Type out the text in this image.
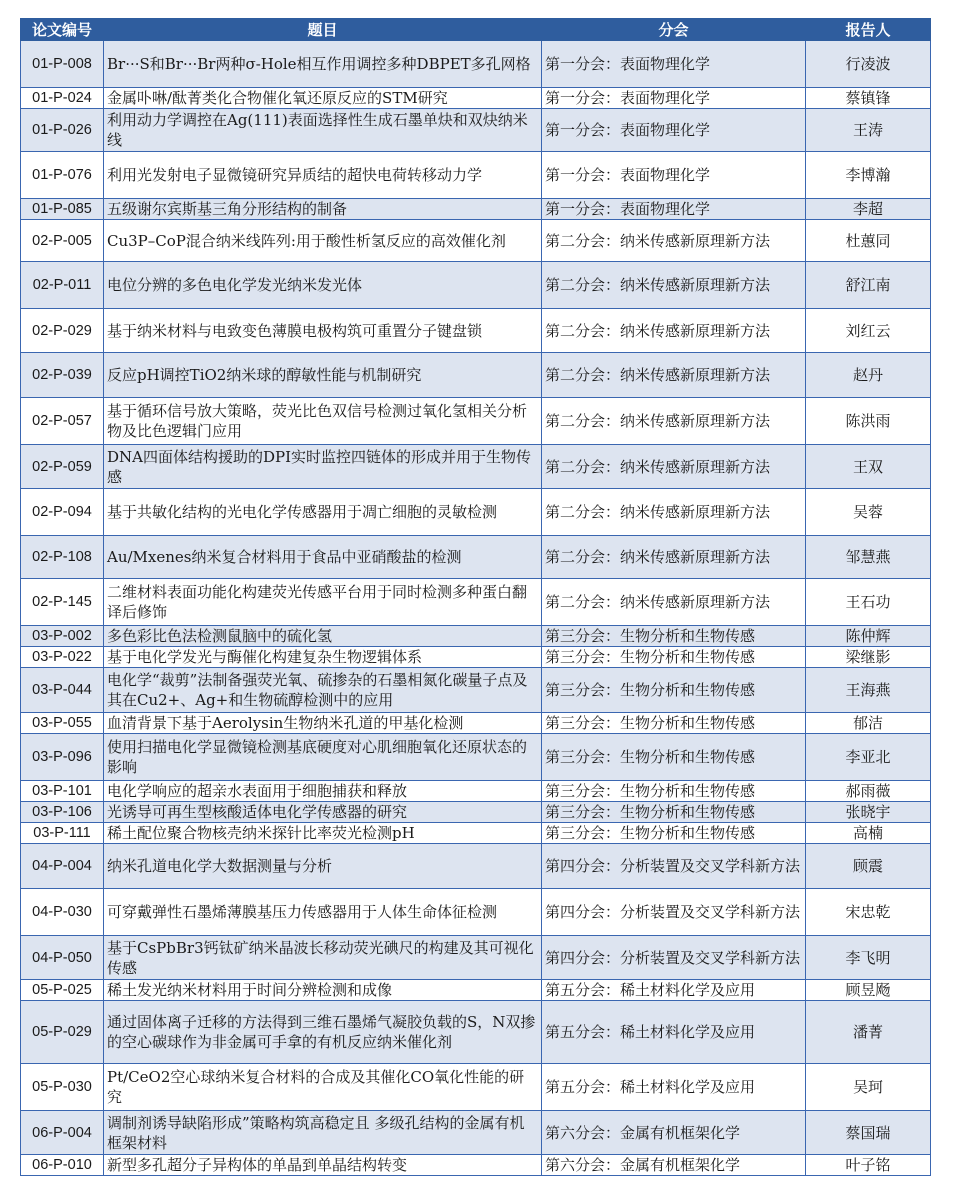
论文编号	题目	分会	报告人
01-P-008	Br···S和Br···Br两种σ-Hole相互作用调控多种DBPET多孔网格	第一分会：表面物理化学	行凌波
01-P-024	金属卟啉/酞菁类化合物催化氧还原反应的STM研究	第一分会：表面物理化学	蔡镇锋
01-P-026	利用动力学调控在Ag(111)表面选择性生成石墨单炔和双炔纳米线	第一分会：表面物理化学	王涛
01-P-076	利用光发射电子显微镜研究异质结的超快电荷转移动力学	第一分会：表面物理化学	李博瀚
01-P-085	五级谢尔宾斯基三角分形结构的制备	第一分会：表面物理化学	李超
02-P-005	Cu3P–CoP混合纳米线阵列:用于酸性析氢反应的高效催化剂	第二分会：纳米传感新原理新方法	杜蕙同
02-P-011	电位分辨的多色电化学发光纳米发光体	第二分会：纳米传感新原理新方法	舒江南
02-P-029	基于纳米材料与电致变色薄膜电极构筑可重置分子键盘锁	第二分会：纳米传感新原理新方法	刘红云
02-P-039	反应pH调控TiO2纳米球的醇敏性能与机制研究	第二分会：纳米传感新原理新方法	赵丹
02-P-057	基于循环信号放大策略，荧光比色双信号检测过氧化氢相关分析物及比色逻辑门应用	第二分会：纳米传感新原理新方法	陈洪雨
02-P-059	DNA四面体结构援助的DPI实时监控四链体的形成并用于生物传感	第二分会：纳米传感新原理新方法	王双
02-P-094	基于共敏化结构的光电化学传感器用于凋亡细胞的灵敏检测	第二分会：纳米传感新原理新方法	吴蓉
02-P-108	Au/Mxenes纳米复合材料用于食品中亚硝酸盐的检测	第二分会：纳米传感新原理新方法	邹慧燕
02-P-145	二维材料表面功能化构建荧光传感平台用于同时检测多种蛋白翻译后修饰	第二分会：纳米传感新原理新方法	王石功
03-P-002	多色彩比色法检测鼠脑中的硫化氢	第三分会：生物分析和生物传感	陈仲辉
03-P-022	基于电化学发光与酶催化构建复杂生物逻辑体系	第三分会：生物分析和生物传感	梁继影
03-P-044	电化学“裁剪”法制备强荧光氧、硫掺杂的石墨相氮化碳量子点及其在Cu2+、Ag+和生物硫醇检测中的应用	第三分会：生物分析和生物传感	王海燕
03-P-055	血清背景下基于Aerolysin生物纳米孔道的甲基化检测	第三分会：生物分析和生物传感	郁洁
03-P-096	使用扫描电化学显微镜检测基底硬度对心肌细胞氧化还原状态的影响	第三分会：生物分析和生物传感	李亚北
03-P-101	电化学响应的超亲水表面用于细胞捕获和释放	第三分会：生物分析和生物传感	郝雨薇
03-P-106	光诱导可再生型核酸适体电化学传感器的研究	第三分会：生物分析和生物传感	张晓宇
03-P-111	稀土配位聚合物核壳纳米探针比率荧光检测pH	第三分会：生物分析和生物传感	高楠
04-P-004	纳米孔道电化学大数据测量与分析	第四分会：分析装置及交叉学科新方法	顾震
04-P-030	可穿戴弹性石墨烯薄膜基压力传感器用于人体生命体征检测	第四分会：分析装置及交叉学科新方法	宋忠乾
04-P-050	基于CsPbBr3钙钛矿纳米晶波长移动荧光碘尺的构建及其可视化传感	第四分会：分析装置及交叉学科新方法	李飞明
05-P-025	稀土发光纳米材料用于时间分辨检测和成像	第五分会：稀土材料化学及应用	顾昱飏
05-P-029	通过固体离子迁移的方法得到三维石墨烯气凝胶负载的S，N双掺的空心碳球作为非金属可手拿的有机反应纳米催化剂	第五分会：稀土材料化学及应用	潘菁
05-P-030	Pt/CeO2空心球纳米复合材料的合成及其催化CO氧化性能的研究	第五分会：稀土材料化学及应用	吴珂
06-P-004	调制剂诱导缺陷形成”策略构筑高稳定且 多级孔结构的金属有机框架材料	第六分会：金属有机框架化学	蔡国瑞
06-P-010	新型多孔超分子异构体的单晶到单晶结构转变	第六分会：金属有机框架化学	叶子铭
